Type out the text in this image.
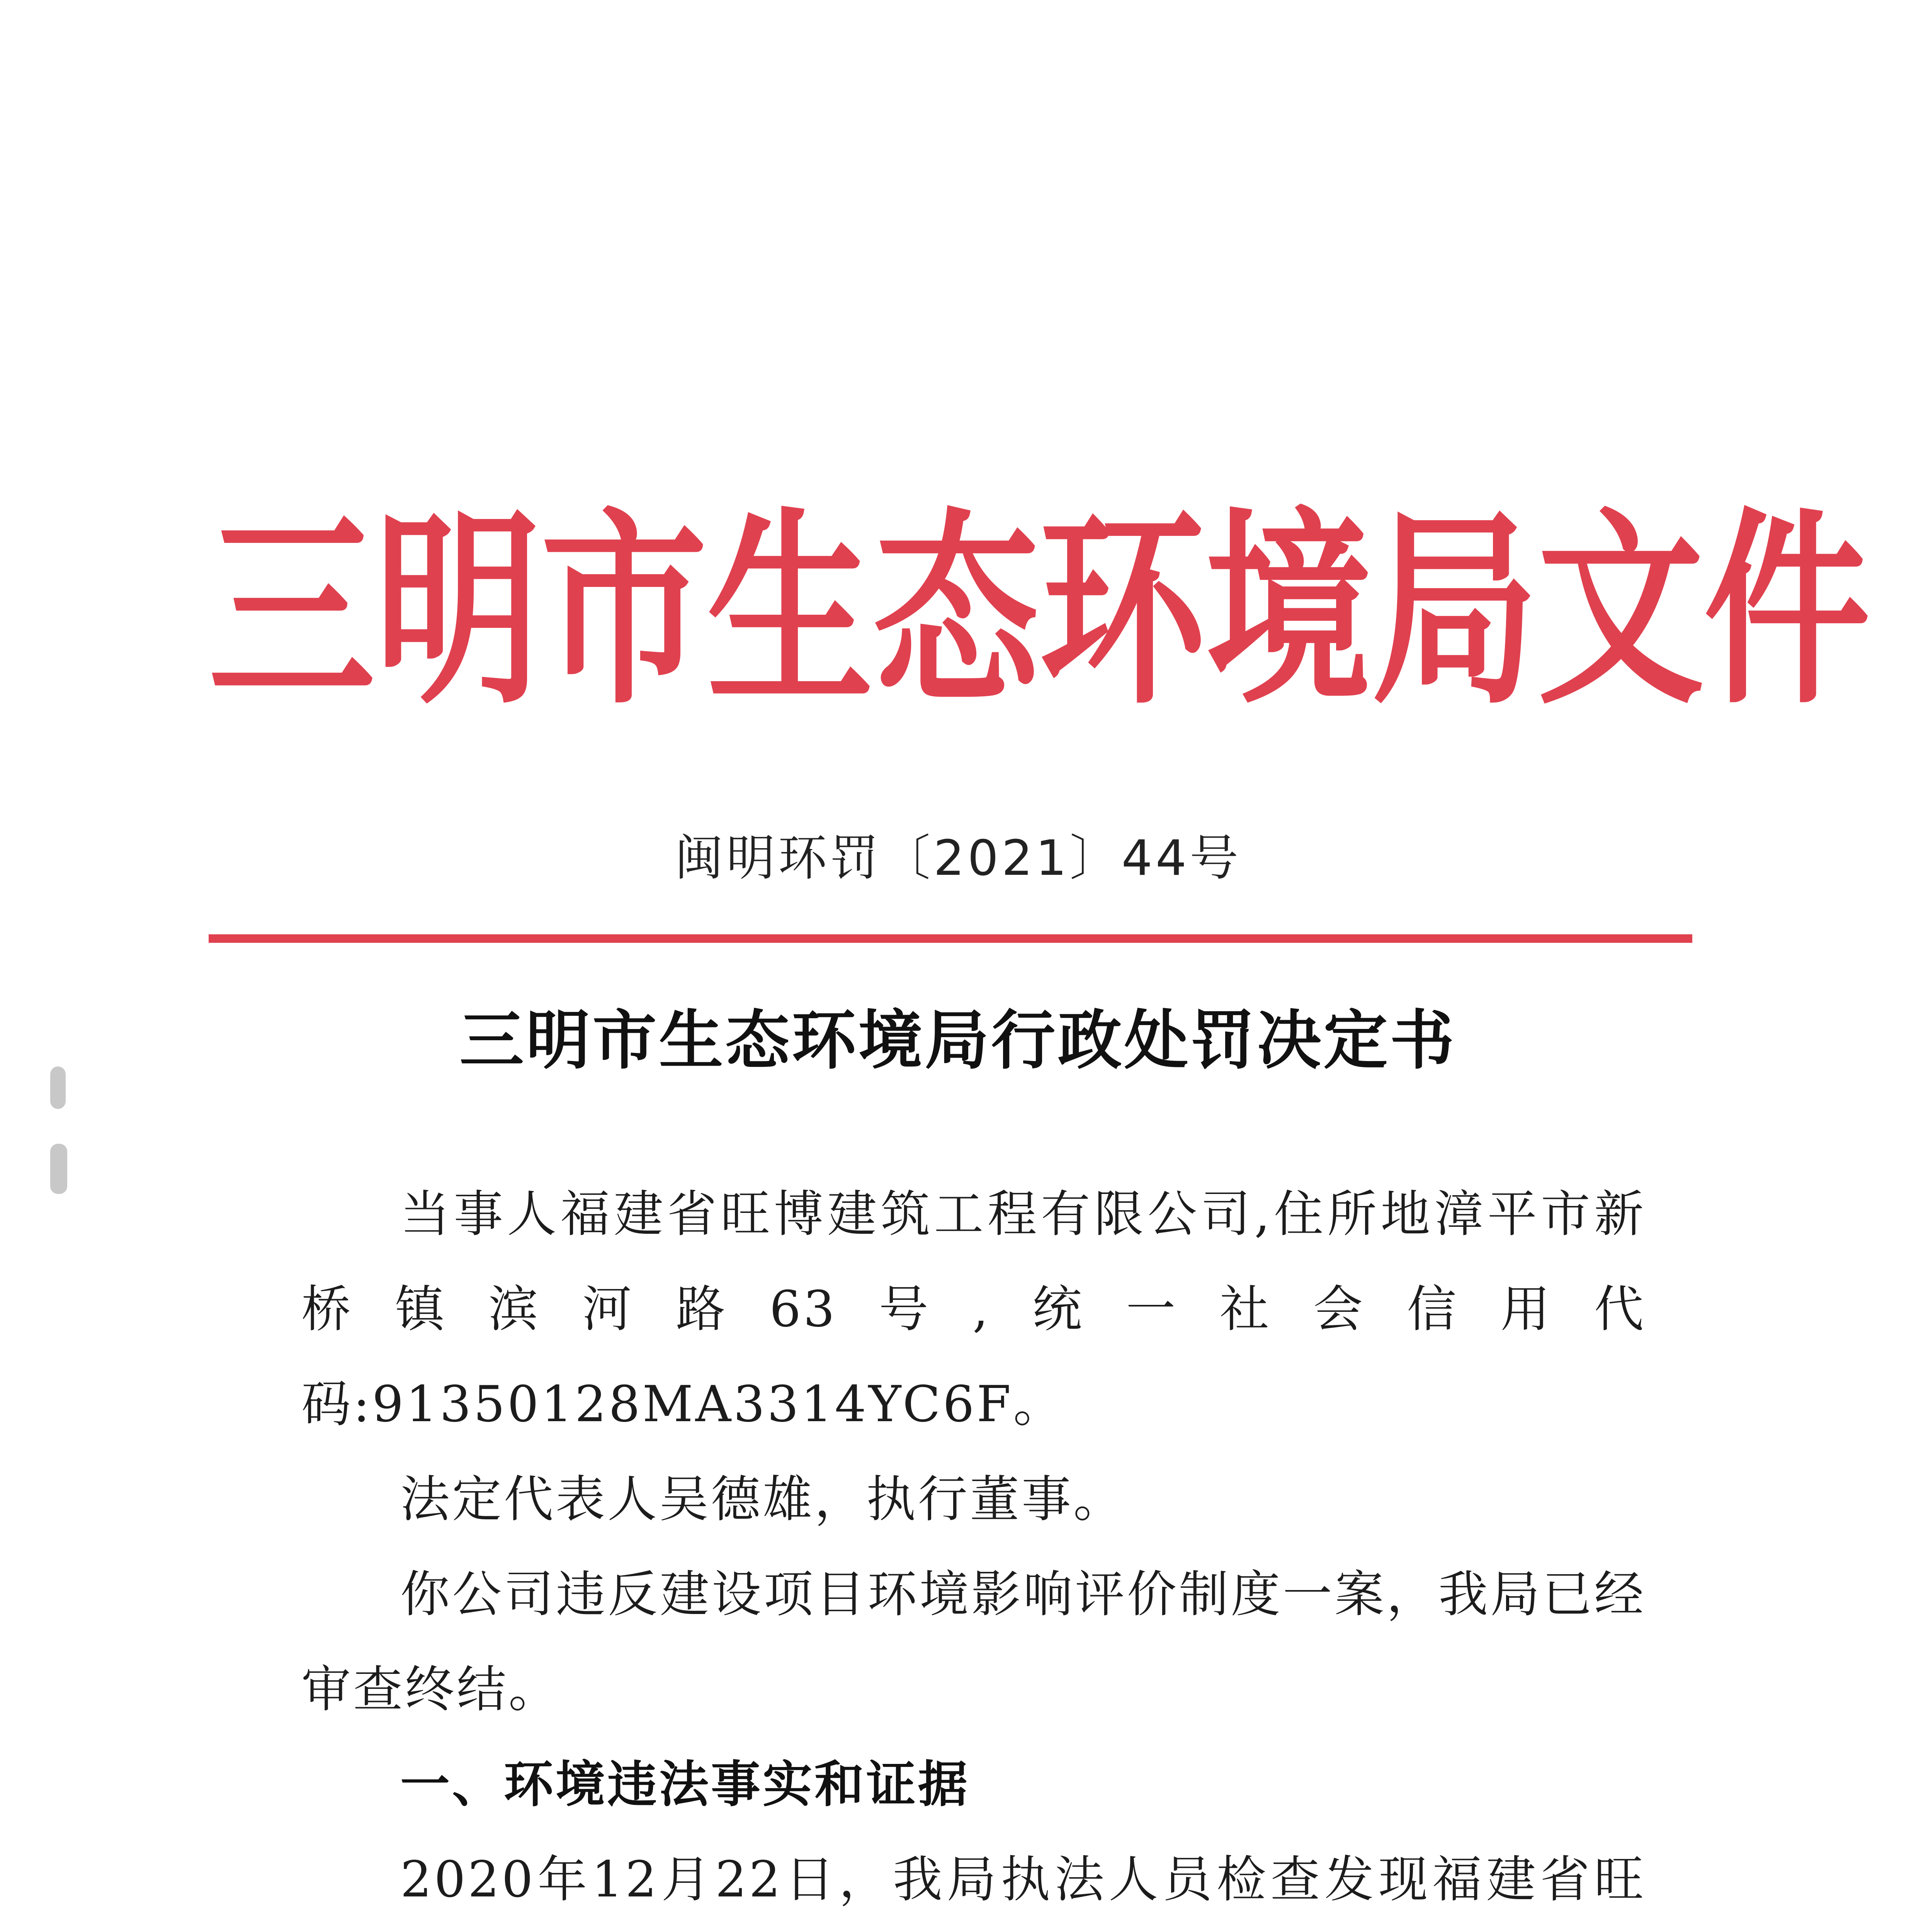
三 明 市 生 态 环 境 局 文 件
闽明环罚〔2021〕44号
三明市生态环境局行政处罚决定书

当事人福建省旺博建筑工程有限公司,住所地漳平市新桥镇滨河路63号,统一社会信用代码:91350128MA3314YC6F。

法定代表人吴德雄，执行董事。

你公司违反建设项目环境影响评价制度一案，我局已经审查终结。

一、环境违法事实和证据

2020年12月22日，我局执法人员检查发现福建省旺
